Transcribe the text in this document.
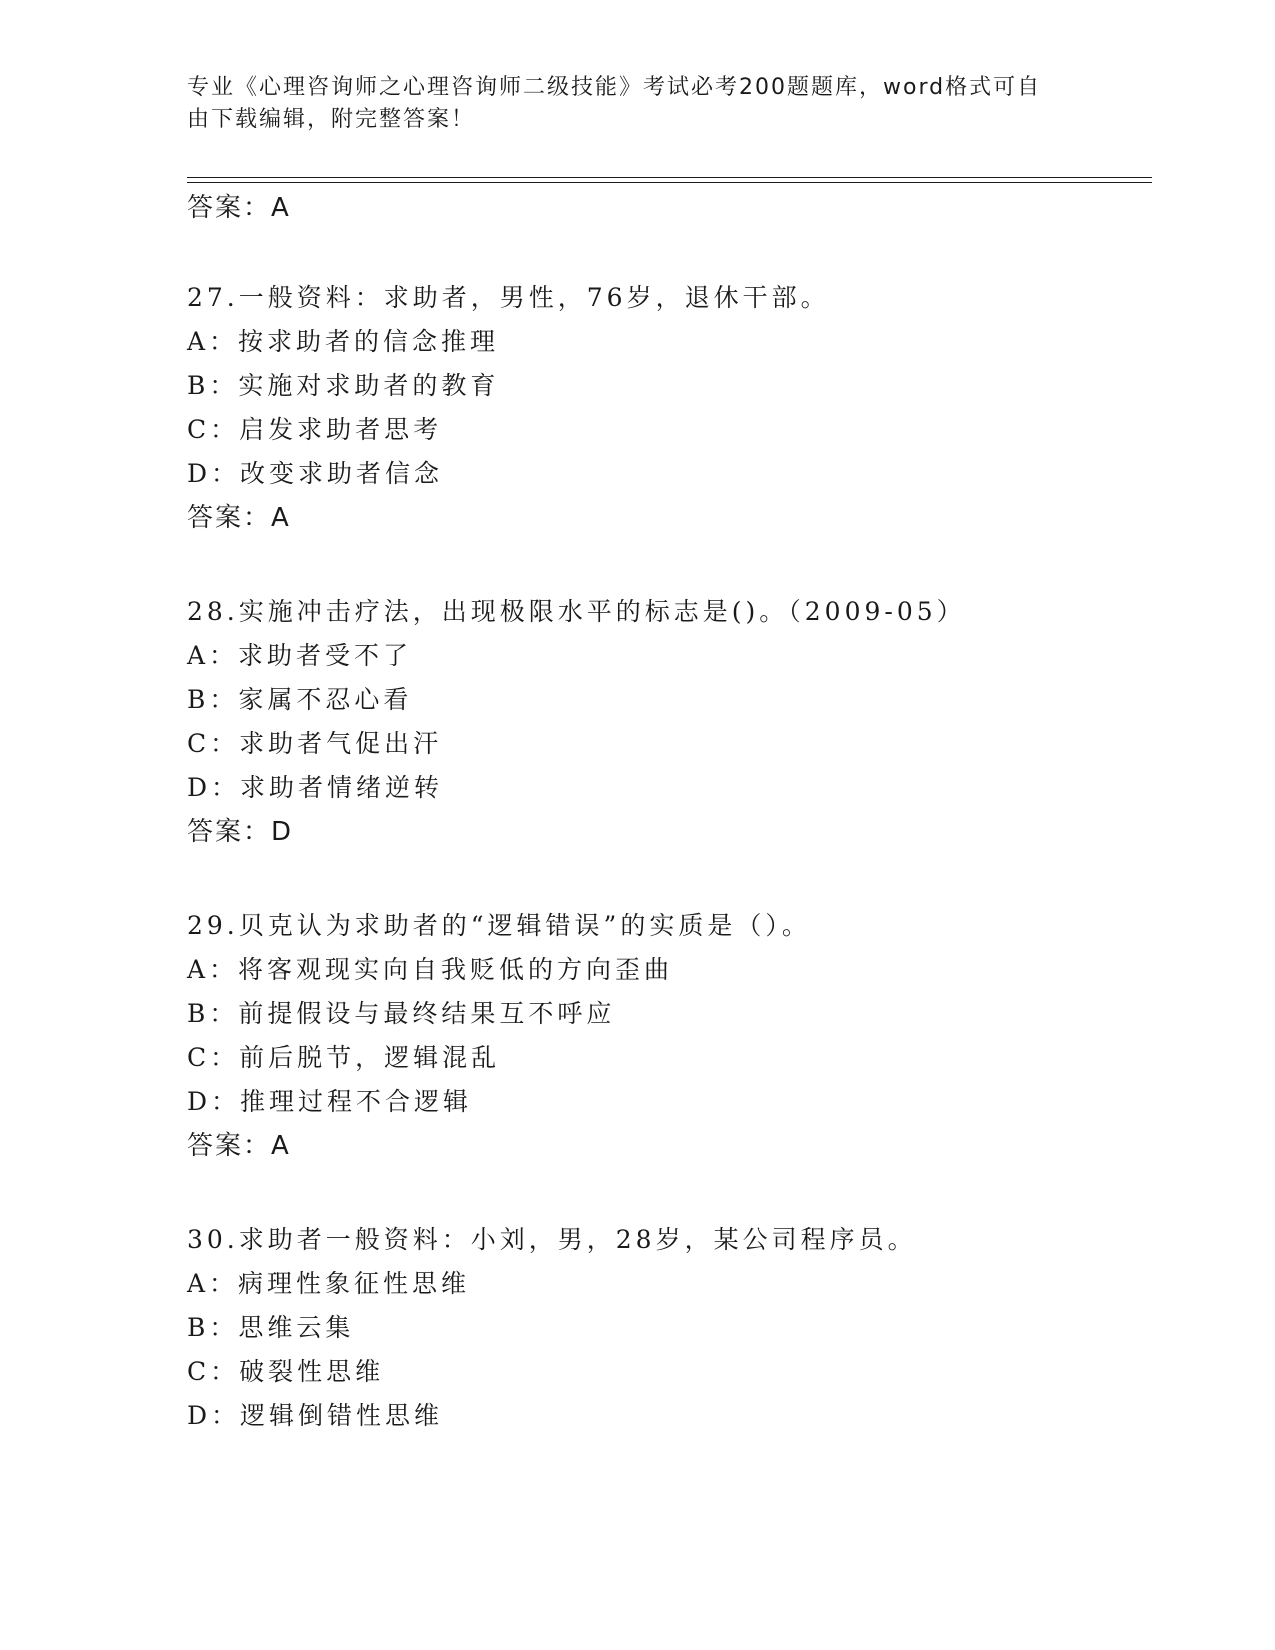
专业《心理咨询师之心理咨询师二级技能》考试必考200题题库，word格式可自
由下载编辑，附完整答案！
答案：A
27.一般资料：求助者，男性，76岁，退休干部。
A：按求助者的信念推理
B：实施对求助者的教育
C：启发求助者思考
D：改变求助者信念
答案：A
28.实施冲击疗法，出现极限水平的标志是()。（2009-05）
A：求助者受不了
B：家属不忍心看
C：求助者气促出汗
D：求助者情绪逆转
答案：D
29.贝克认为求助者的“逻辑错误”的实质是（）。
A：将客观现实向自我贬低的方向歪曲
B：前提假设与最终结果互不呼应
C：前后脱节，逻辑混乱
D：推理过程不合逻辑
答案：A
30.求助者一般资料：小刘，男，28岁，某公司程序员。
A：病理性象征性思维
B：思维云集
C：破裂性思维
D：逻辑倒错性思维
